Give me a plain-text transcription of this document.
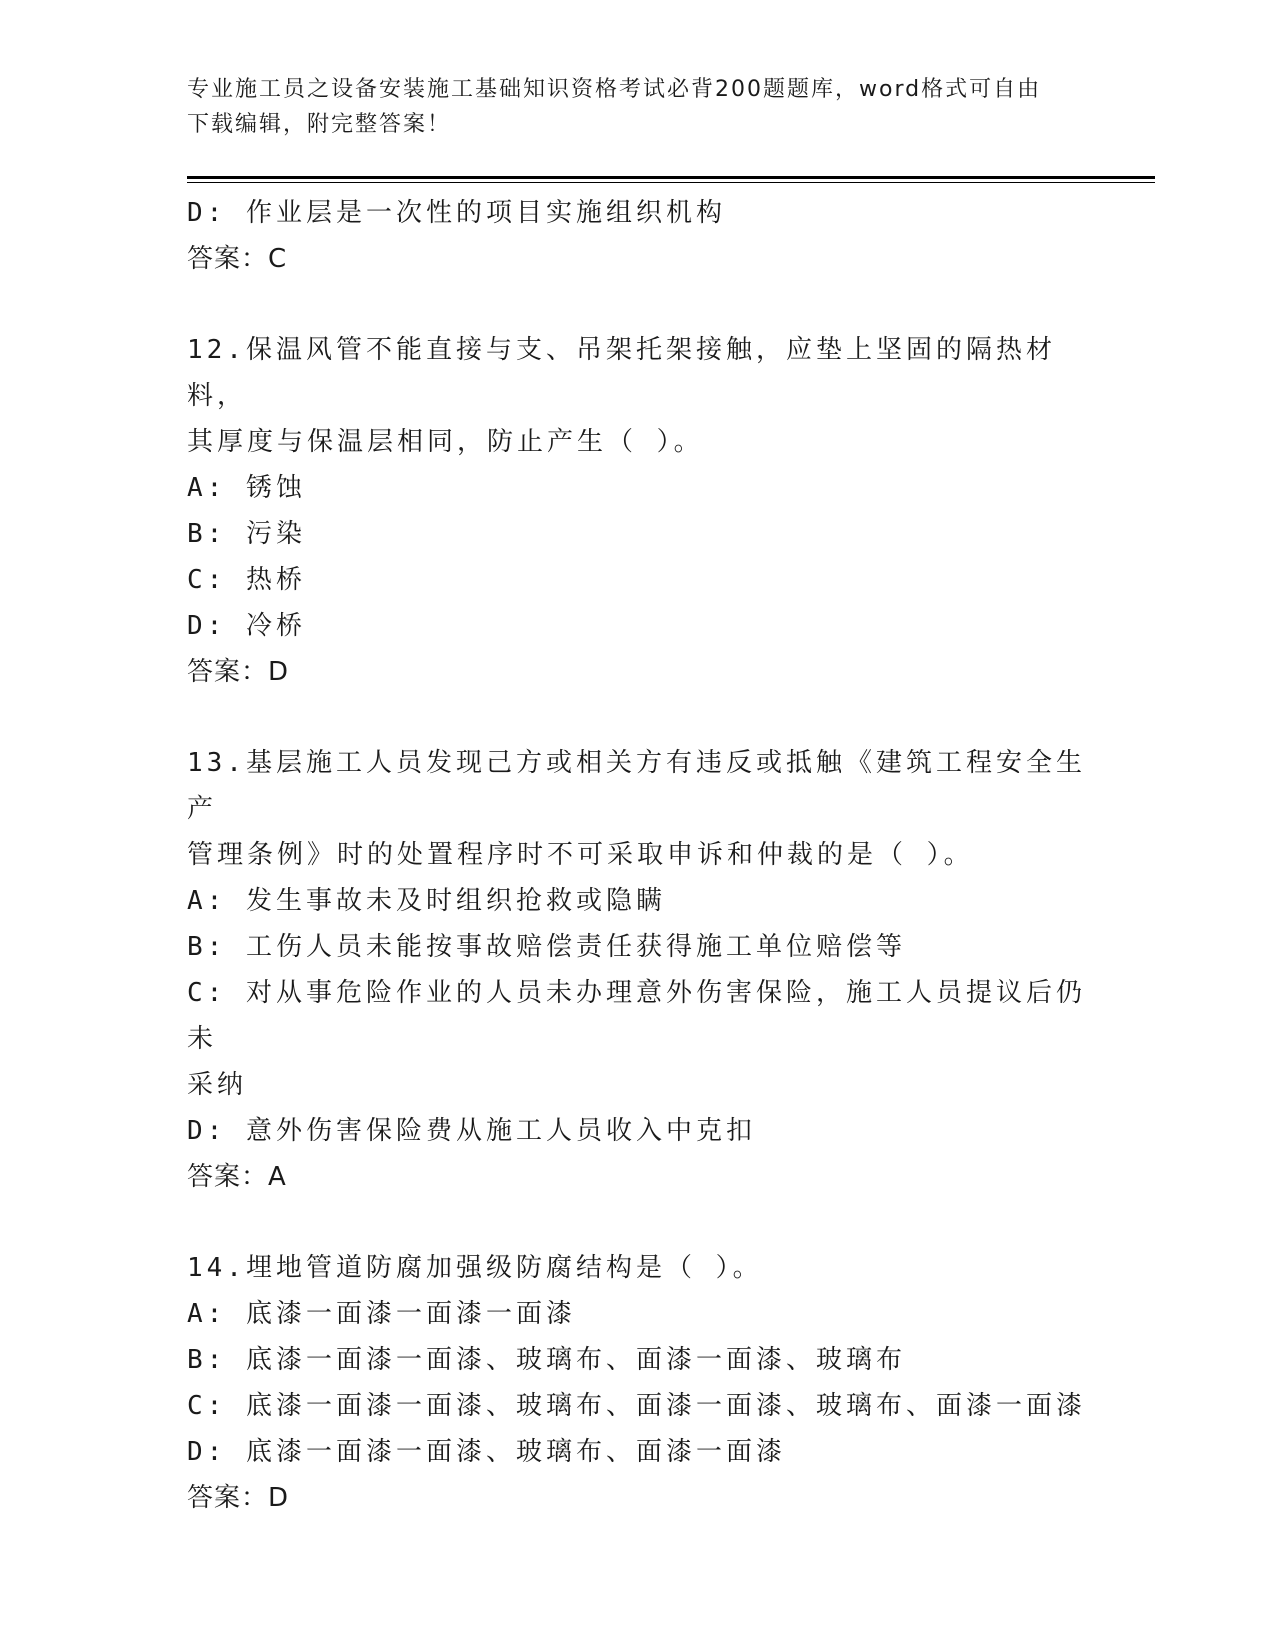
专业施工员之设备安装施工基础知识资格考试必背200题题库，word格式可自由
下载编辑，附完整答案！
D: 作业层是一次性的项目实施组织机构
答案：C
12.保温风管不能直接与支、吊架托架接触，应垫上坚固的隔热材料，
其厚度与保温层相同，防止产生（ ）。
A: 锈蚀
B: 污染
C: 热桥
D: 冷桥
答案：D
13.基层施工人员发现己方或相关方有违反或抵触《建筑工程安全生产
管理条例》时的处置程序时不可采取申诉和仲裁的是（ ）。
A: 发生事故未及时组织抢救或隐瞒
B: 工伤人员未能按事故赔偿责任获得施工单位赔偿等
C: 对从事危险作业的人员未办理意外伤害保险，施工人员提议后仍未
采纳
D: 意外伤害保险费从施工人员收入中克扣
答案：A
14.埋地管道防腐加强级防腐结构是（ ）。
A: 底漆一面漆一面漆一面漆
B: 底漆一面漆一面漆、玻璃布、面漆一面漆、玻璃布
C: 底漆一面漆一面漆、玻璃布、面漆一面漆、玻璃布、面漆一面漆
D: 底漆一面漆一面漆、玻璃布、面漆一面漆
答案：D
